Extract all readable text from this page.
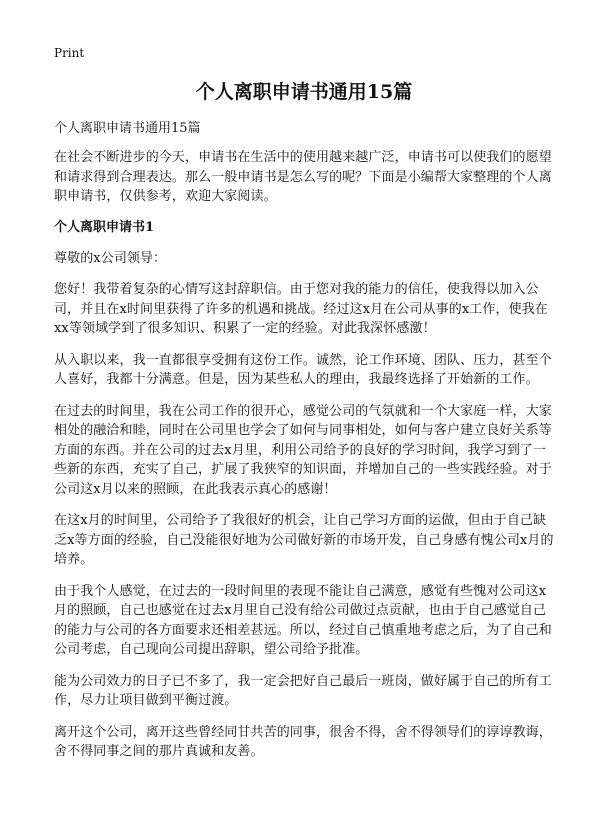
Print
个人离职申请书通用15篇
个人离职申请书通用15篇

在社会不断进步的今天，申请书在生活中的使用越来越广泛，申请书可以使我们的愿望和请求得到合理表达。那么一般申请书是怎么写的呢？下面是小编帮大家整理的个人离职申请书，仅供参考，欢迎大家阅读。

个人离职申请书1

尊敬的x公司领导：

您好！我带着复杂的心情写这封辞职信。由于您对我的能力的信任，使我得以加入公司，并且在x时间里获得了许多的机遇和挑战。经过这x月在公司从事的x工作，使我在xx等领域学到了很多知识、积累了一定的经验。对此我深怀感激！

从入职以来，我一直都很享受拥有这份工作。诚然，论工作环境、团队、压力，甚至个人喜好，我都十分满意。但是，因为某些私人的理由，我最终选择了开始新的工作。

在过去的时间里，我在公司工作的很开心，感觉公司的气氛就和一个大家庭一样，大家相处的融洽和睦，同时在公司里也学会了如何与同事相处，如何与客户建立良好关系等方面的东西。并在公司的过去x月里，利用公司给予的良好的学习时间，我学习到了一些新的东西，充实了自己，扩展了我狭窄的知识面，并增加自己的一些实践经验。对于公司这x月以来的照顾，在此我表示真心的感谢！

在这x月的时间里，公司给予了我很好的机会，让自己学习方面的运做，但由于自己缺乏x等方面的经验，自己没能很好地为公司做好新的市场开发，自己身感有愧公司x月的培养。

由于我个人感觉，在过去的一段时间里的表现不能让自己满意，感觉有些愧对公司这x月的照顾，自己也感觉在过去x月里自己没有给公司做过点贡献，也由于自己感觉自己的能力与公司的各方面要求还相差甚远。所以，经过自己慎重地考虑之后，为了自己和公司考虑，自己现向公司提出辞职，望公司给予批准。

能为公司效力的日子已不多了，我一定会把好自己最后一班岗，做好属于自己的所有工作，尽力让项目做到平衡过渡。

离开这个公司，离开这些曾经同甘共苦的同事，很舍不得，舍不得领导们的谆谆教诲，舍不得同事之间的那片真诚和友善。
